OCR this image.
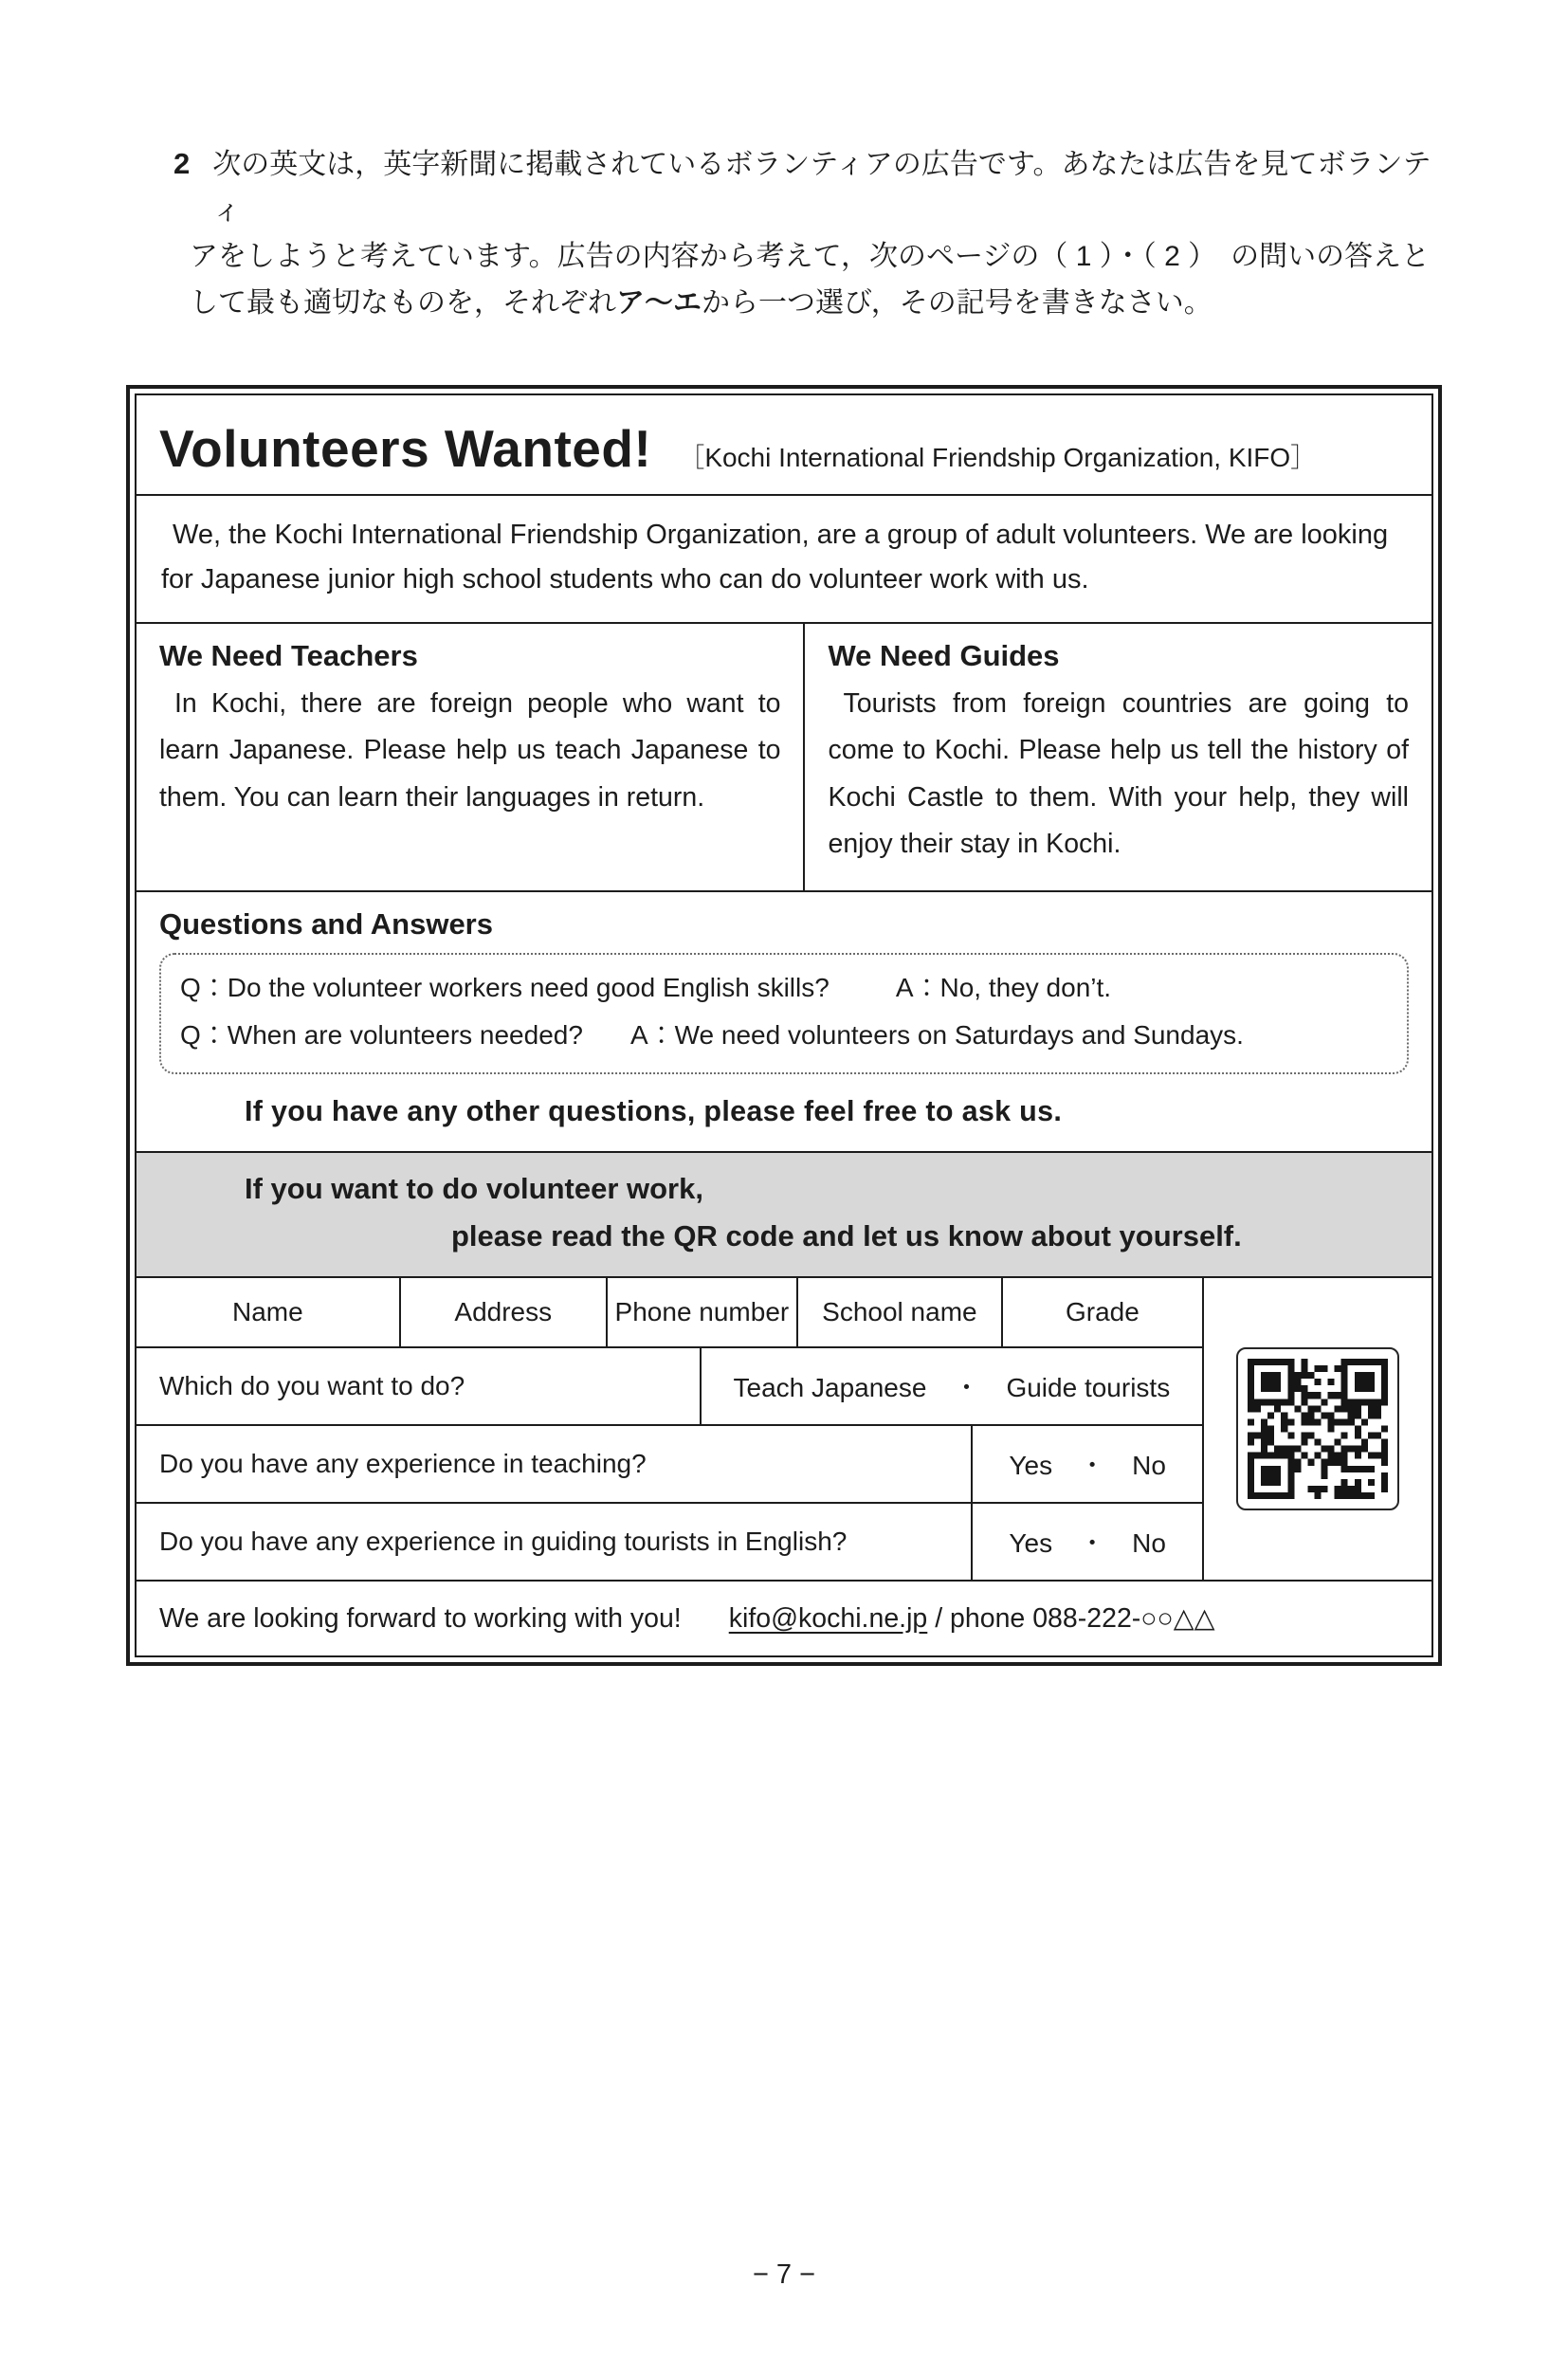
2 次の英文は，英字新聞に掲載されているボランティアの広告です。あなたは広告を見てボランティ
アをしようと考えています。広告の内容から考えて，次のページの（ 1 ）・（ 2 ）　の問いの答えと
して最も適切なものを，それぞれア～エから一つ選び，その記号を書きなさい。
Volunteers Wanted! ［Kochi International Friendship Organization, KIFO］

We, the Kochi International Friendship Organization, are a group of adult volunteers. We are looking for Japanese junior high school students who can do volunteer work with us.

We Need Teachers

In Kochi, there are foreign people who want to learn Japanese. Please help us teach Japanese to them. You can learn their languages in return.

We Need Guides

Tourists from foreign countries are going to come to Kochi. Please help us tell the history of Kochi Castle to them. With your help, they will enjoy their stay in Kochi.

Questions and Answers
Q：Do the volunteer workers need good English skills?	A：No, they don’t.
Q：When are volunteers needed? A：We need volunteers on Saturdays and Sundays.

If you have any other questions, please feel free to ask us.

If you want to do volunteer work,

please read the QR code and let us know about yourself.

Name	Address	Phone number	School name	Grade
Which do you want to do?	Teach Japanese　・　Guide tourists
Do you have any experience in teaching?	Yes　・　No
Do you have any experience in guiding tourists in English?	Yes　・　No
We are looking forward to working with you! kifo@kochi.ne.jp / phone 088-222-○○△△
− 7 −
